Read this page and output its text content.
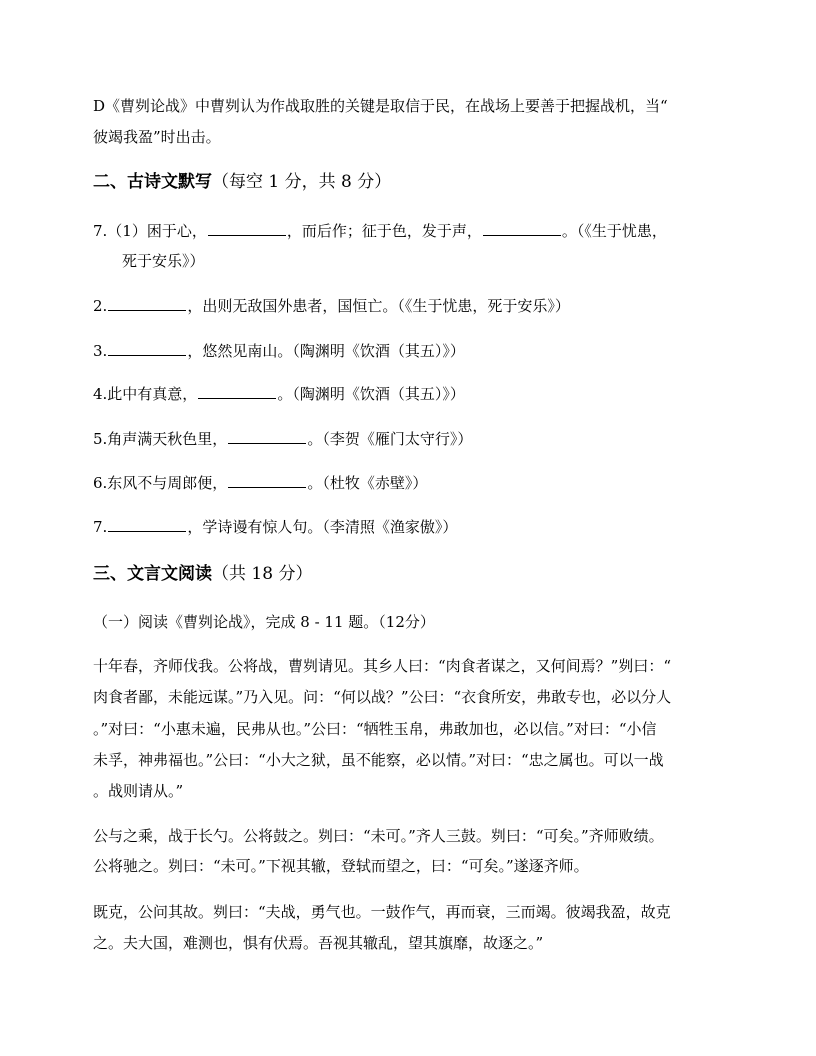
D《曹刿论战》中曹刿认为作战取胜的关键是取信于民，在战场上要善于把握战机，当“
彼竭我盈”时出击。
二、古诗文默写（每空 1 分，共 8 分）
7.（1）困于心，	，而后作；征于色，发于声，	。（《生于忧患，
死于安乐》）
2.	，出则无敌国外患者，国恒亡。（《生于忧患，死于安乐》）
3.	，悠然见南山。（陶渊明《饮酒（其五）》）
4.此中有真意，	。（陶渊明《饮酒（其五）》）
5.角声满天秋色里，	。（李贺《雁门太守行》）
6.东风不与周郎便，	。（杜牧《赤壁》）
7.	，学诗谩有惊人句。（李清照《渔家傲》）
三、文言文阅读（共 18 分）
（一）阅读《曹刿论战》，完成 8 - 11 题。（12分）
十年春，齐师伐我。公将战，曹刿请见。其乡人曰：“肉食者谋之，又何间焉？”刿曰：“
肉食者鄙，未能远谋。”乃入见。问：“何以战？”公曰：“衣食所安，弗敢专也，必以分人
。”对曰：“小惠未遍，民弗从也。”公曰：“牺牲玉帛，弗敢加也，必以信。”对曰：“小信
未孚，神弗福也。”公曰：“小大之狱，虽不能察，必以情。”对曰：“忠之属也。可以一战
。战则请从。”
公与之乘，战于长勺。公将鼓之。刿曰：“未可。”齐人三鼓。刿曰：“可矣。”齐师败绩。
公将驰之。刿曰：“未可。”下视其辙，登轼而望之，曰：“可矣。”遂逐齐师。
既克，公问其故。刿曰：“夫战，勇气也。一鼓作气，再而衰，三而竭。彼竭我盈，故克
之。夫大国，难测也，惧有伏焉。吾视其辙乱，望其旗靡，故逐之。”
